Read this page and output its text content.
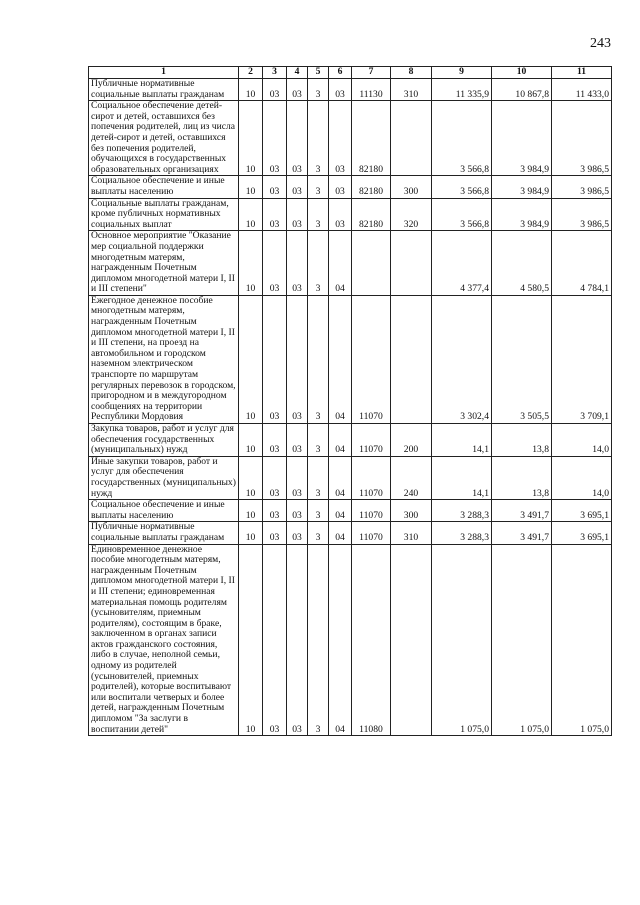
243
1	2	3	4	5	6	7	8	9	10	11
Публичные нормативные социальные выплаты гражданам	10	03	03	3	03	11130	310	11 335,9	10 867,8	11 433,0
Социальное обеспечение детей-сирот и детей, оставшихся без попечения родителей, лиц из числа детей-сирот и детей, оставшихся без попечения родителей, обучающихся в государственных образовательных организациях	10	03	03	3	03	82180		3 566,8	3 984,9	3 986,5
Социальное обеспечение и иные выплаты населению	10	03	03	3	03	82180	300	3 566,8	3 984,9	3 986,5
Социальные выплаты гражданам, кроме публичных нормативных социальных выплат	10	03	03	3	03	82180	320	3 566,8	3 984,9	3 986,5
Основное мероприятие "Оказание мер социальной поддержки многодетным матерям, награжденным Почетным дипломом многодетной матери I, II и III степени"	10	03	03	3	04			4 377,4	4 580,5	4 784,1
Ежегодное денежное пособие многодетным матерям, награжденным Почетным дипломом многодетной матери I, II и III степени, на проезд на автомобильном и городском наземном электрическом транспорте по маршрутам регулярных перевозок в городском, пригородном и в междугородном сообщениях на территории Республики Мордовия	10	03	03	3	04	11070		3 302,4	3 505,5	3 709,1
Закупка товаров, работ и услуг для обеспечения государственных (муниципальных) нужд	10	03	03	3	04	11070	200	14,1	13,8	14,0
Иные закупки товаров, работ и услуг для обеспечения государственных (муниципальных) нужд	10	03	03	3	04	11070	240	14,1	13,8	14,0
Социальное обеспечение и иные выплаты населению	10	03	03	3	04	11070	300	3 288,3	3 491,7	3 695,1
Публичные нормативные социальные выплаты гражданам	10	03	03	3	04	11070	310	3 288,3	3 491,7	3 695,1
Единовременное денежное пособие многодетным матерям, награжденным Почетным дипломом многодетной матери I, II и III степени; единовременная материальная помощь родителям (усыновителям, приемным родителям), состоящим в браке, заключенном в органах записи актов гражданского состояния, либо в случае, неполной семьи, одному из родителей (усыновителей, приемных родителей), которые воспитывают или воспитали четверых и более детей, награжденным Почетным дипломом "За заслуги в воспитании детей"	10	03	03	3	04	11080		1 075,0	1 075,0	1 075,0
